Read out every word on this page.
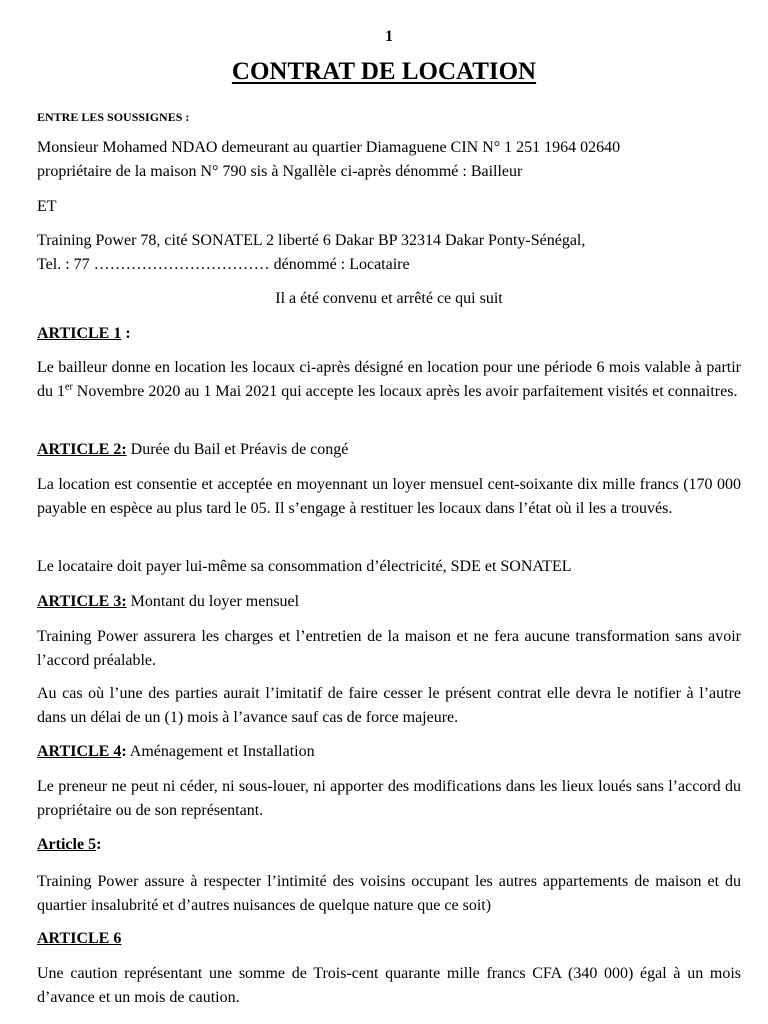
1
CONTRAT DE LOCATION

ENTRE LES SOUSSIGNES :

Monsieur Mohamed NDAO demeurant au quartier Diamaguene CIN N° 1 251 1964 02640
propriétaire de la maison N° 790 sis à Ngallèle ci-après dénommé : Bailleur

ET

Training Power 78, cité SONATEL 2 liberté 6 Dakar BP 32314 Dakar Ponty-Sénégal,
Tel. : 77 …………………………… dénommé : Locataire

Il a été convenu et arrêté ce qui suit

ARTICLE 1 :

Le bailleur donne en location les locaux ci-après désigné en location pour une période 6 mois valable à partir du 1er Novembre 2020 au 1 Mai 2021 qui accepte les locaux après les avoir parfaitement visités et connaitres.

ARTICLE 2: Durée du Bail et Préavis de congé

La location est consentie et acceptée en moyennant un loyer mensuel cent-soixante dix mille francs (170 000 payable en espèce au plus tard le 05. Il s’engage à restituer les locaux dans l’état où il les a trouvés.

Le locataire doit payer lui-même sa consommation d’électricité, SDE et SONATEL

ARTICLE 3: Montant du loyer mensuel

Training Power assurera les charges et l’entretien de la maison et ne fera aucune transformation sans avoir l’accord préalable.

Au cas où l’une des parties aurait l’imitatif de faire cesser le présent contrat elle devra le notifier à l’autre dans un délai de un (1) mois à l’avance sauf cas de force majeure.

ARTICLE 4: Aménagement et Installation

Le preneur ne peut ni céder, ni sous-louer, ni apporter des modifications dans les lieux loués sans l’accord du propriétaire ou de son représentant.

Article 5:

Training Power assure à respecter l’intimité des voisins occupant les autres appartements de maison et du quartier insalubrité et d’autres nuisances de quelque nature que ce soit)

ARTICLE 6

Une caution représentant une somme de Trois-cent quarante mille francs CFA (340 000) égal à un mois d’avance et un mois de caution.
